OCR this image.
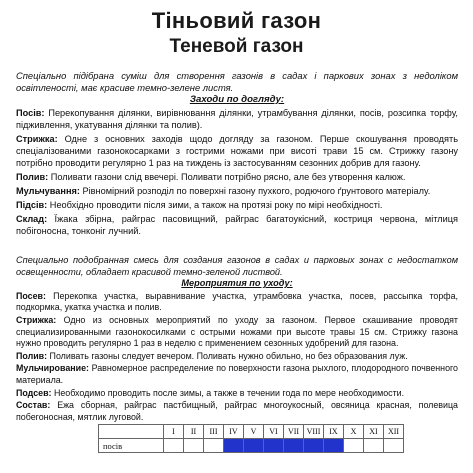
Тіньовий газон
Теневой газон

Спеціально підібрана суміш для створення газонів в садах і паркових зонах з недоліком освітленості, має красиве темно-зелене листя.

Заходи по догляду:

Посів: Перекопування ділянки, вирівнювання ділянки, утрамбування ділянки, посів, розсипка торфу, підживлення, укатування ділянки та полив).

Стрижка: Одне з основних заходів щодо догляду за газоном. Перше скошування проводять спеціалізованими газонокосарками з гострими ножами при висоті трави 15 см. Стрижку газону потрібно проводити регулярно 1 раз на тиждень із застосуванням сезонних добрив для газону.

Полив: Поливати газони слід ввечері. Поливати потрібно рясно, але без утворення калюж.

Мульчування: Рівномірний розподіл по поверхні газону пухкого, родючого ґрунтового матеріалу.

Підсів: Необхідно проводити після зими, а також на протязі року по мірі необхідності.

Склад: Їжака збірна, райграс пасовищний, райграс багатоукісний, костриця червона, мітлиця побігоносна, тонконіг лучний.

Специально подобранная смесь для создания газонов в садах и парковых зонах с недостатком освещенности, обладает красивой темно-зеленой листвой.

Мероприятия по уходу:

Посев: Перекопка участка, выравнивание участка, утрамбовка участка, посев, рассыпка торфа, подкормка, укатка участка и полив.

Стрижка: Одно из основных мероприятий по уходу за газоном. Первое скашивание проводят специализированными газонокосилками с острыми ножами при высоте травы 15 см. Стрижку газона нужно проводить регулярно 1 раз в неделю с применением сезонных удобрений для газона.

Полив: Поливать газоны следует вечером. Поливать нужно обильно, но без образования луж.

Мульчирование: Равномерное распределение по поверхности газона рыхлого, плодородного почвенного материала.

Подсев: Необходимо проводить после зимы, а также в течении года по мере необходимости.

Состав: Ежа сборная, райграс пастбищный, райграс многоукосный, овсяница красная, полевица побегоносная, мятлик луговой.

	I	II	III	IV	V	VI	VII	VIII	IX	X	XI	XII
посів												
